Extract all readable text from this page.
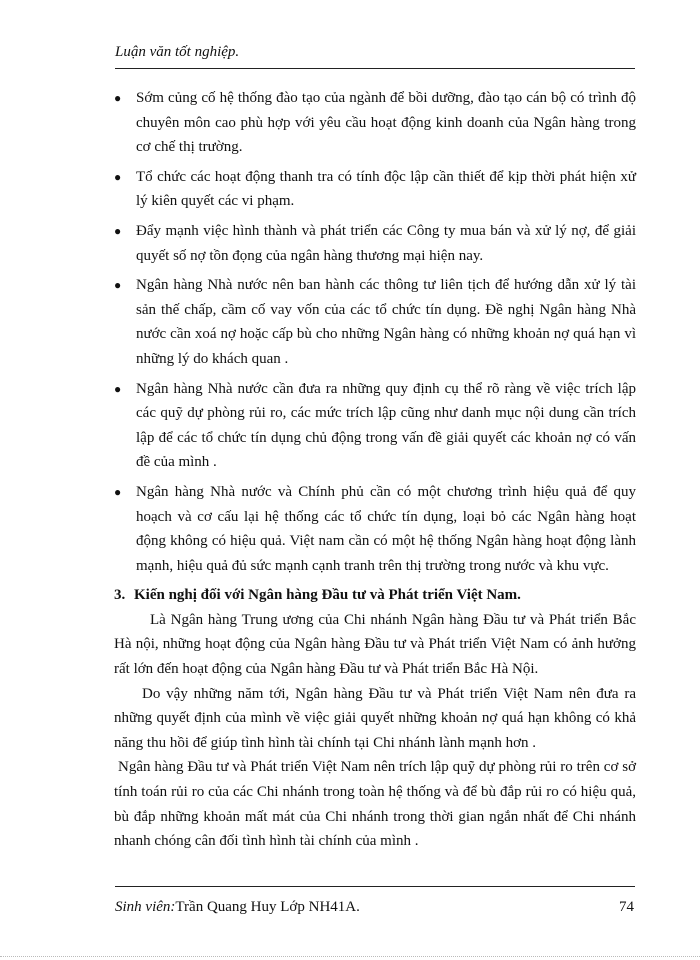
Luận văn tốt nghiệp.
● Sớm củng cố hệ thống đào tạo của ngành để bồi dưỡng, đào tạo cán bộ có trình độ chuyên môn cao phù hợp với yêu cầu hoạt động kinh doanh của Ngân hàng trong cơ chế thị trường.
● Tổ chức các hoạt động thanh tra có tính độc lập cần thiết để kịp thời phát hiện xử lý kiên quyết các vi phạm.
● Đẩy mạnh việc hình thành và phát triển các Công ty mua bán và xử lý nợ, để giải quyết số nợ tồn đọng của ngân hàng thương mại hiện nay.
● Ngân hàng Nhà nước nên ban hành các thông tư liên tịch để hướng dẫn xử lý tài sản thế chấp, cầm cố vay vốn của các tổ chức tín dụng. Đề nghị Ngân hàng Nhà nước cần xoá nợ hoặc cấp bù cho những Ngân hàng có những khoản nợ quá hạn vì những lý do khách quan .
● Ngân hàng Nhà nước cần đưa ra những quy định cụ thể rõ ràng về việc trích lập các quỹ dự phòng rủi ro, các mức trích lập cũng như danh mục nội dung cần trích lập để các tổ chức tín dụng chủ động trong vấn đề giải quyết các khoản nợ có vấn đề của mình .
● Ngân hàng Nhà nước và Chính phủ cần có một chương trình hiệu quả để quy hoạch và cơ cấu lại hệ thống các tổ chức tín dụng, loại bỏ các Ngân hàng hoạt động không có hiệu quả. Việt nam cần có một hệ thống Ngân hàng hoạt động lành mạnh, hiệu quả đủ sức mạnh cạnh tranh trên thị trường trong nước và khu vực.
3. Kiến nghị đối với Ngân hàng Đầu tư và Phát triển Việt Nam.

Là Ngân hàng Trung ương của Chi nhánh Ngân hàng Đầu tư và Phát triển Bắc Hà nội, những hoạt động của Ngân hàng Đầu tư và Phát triển Việt Nam có ảnh hưởng rất lớn đến hoạt động của Ngân hàng Đầu tư và Phát triển Bắc Hà Nội.

Do vậy những năm tới, Ngân hàng Đầu tư và Phát triển Việt Nam nên đưa ra những quyết định của mình về việc giải quyết những khoản nợ quá hạn không có khả năng thu hồi để giúp tình hình tài chính tại Chi nhánh lành mạnh hơn .

Ngân hàng Đầu tư và Phát triển Việt Nam nên trích lập quỹ dự phòng rủi ro trên cơ sở tính toán rủi ro của các Chi nhánh trong toàn hệ thống và để bù đắp rủi ro có hiệu quả, bù đắp những khoản mất mát của Chi nhánh trong thời gian ngắn nhất để Chi nhánh nhanh chóng cân đối tình hình tài chính của mình .

Sinh viên:Trần Quang Huy Lớp NH41A.	74
